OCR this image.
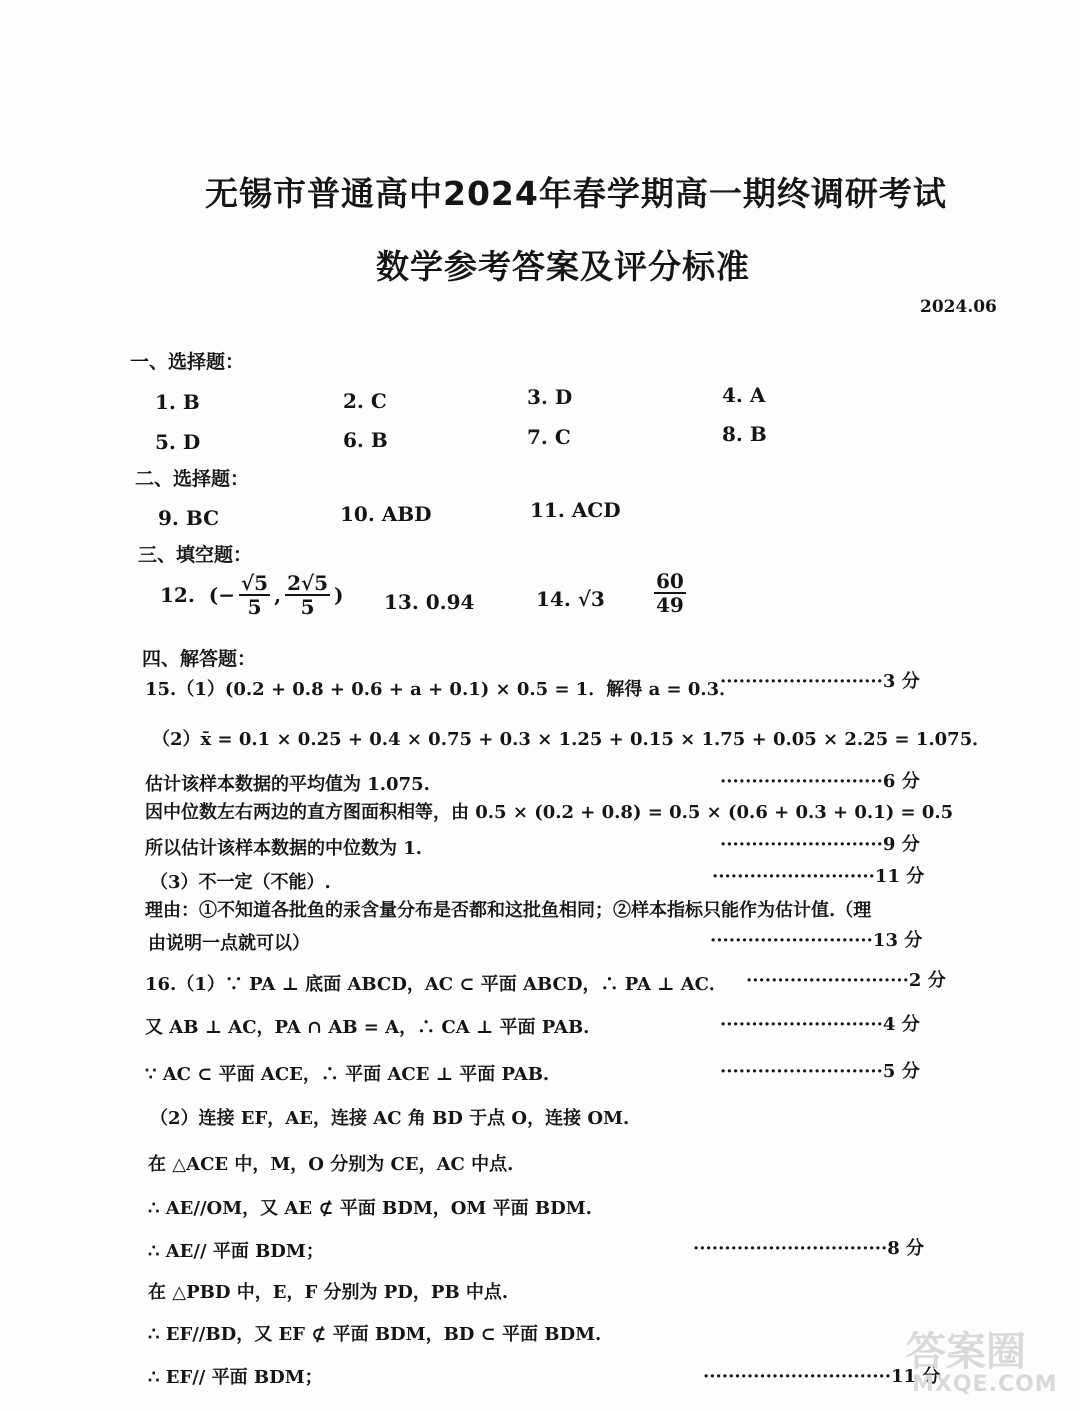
无锡市普通高中2024年春学期高一期终调研考试
数学参考答案及评分标准
2024.06
一、选择题：
1. B	2. C	3. D	4. A
5. D	6. B	7. C	8. B
二、选择题：
9. BC	10. ABD	11. ACD
三、填空题：
12. (− $\frac{√5}{5}$ , $\frac{2√5}{5}$ ) 13. 0.94	14. $√3 \frac{60}{49}$
四、解答题：
15.（1）(0.2 + 0.8 + 0.6 + a + 0.1) × 0.5 = 1．解得 a = 0.3．
··························3 分
（2）x̄ = 0.1 × 0.25 + 0.4 × 0.75 + 0.3 × 1.25 + 0.15 × 1.75 + 0.05 × 2.25 = 1.075．
估计该样本数据的平均值为 1.075.	··························6 分
因中位数左右两边的直方图面积相等，由 0.5 × (0.2 + 0.8) = 0.5 × (0.6 + 0.3 + 0.1) = 0.5
所以估计该样本数据的中位数为 1.	··························9 分
··························11 分
（3）不一定（不能）.
理由：①不知道各批鱼的汞含量分布是否都和这批鱼相同；②样本指标只能作为估计值.（理
由说明一点就可以）	··························13 分
16.（1）∵ PA ⊥ 底面 ABCD，AC ⊂ 平面 ABCD，∴ PA ⊥ AC． ··························2 分
又 AB ⊥ AC，PA ∩ AB = A，∴ CA ⊥ 平面 PAB.	··························4 分
∵ AC ⊂ 平面 ACE，∴ 平面 ACE ⊥ 平面 PAB.	··························5 分
（2）连接 EF，AE，连接 AC 角 BD 于点 O，连接 OM.
在 △ACE 中，M，O 分别为 CE，AC 中点.
∴ AE//OM，又 AE ⊄ 平面 BDM，OM 平面 BDM.
∴ AE// 平面 BDM；	·······························8 分
在 △PBD 中，E，F 分别为 PD，PB 中点.
∴ EF//BD，又 EF ⊄ 平面 BDM，BD ⊂ 平面 BDM.
∴ EF// 平面 BDM；	······························11 分
答案圈
MXQE.COM
